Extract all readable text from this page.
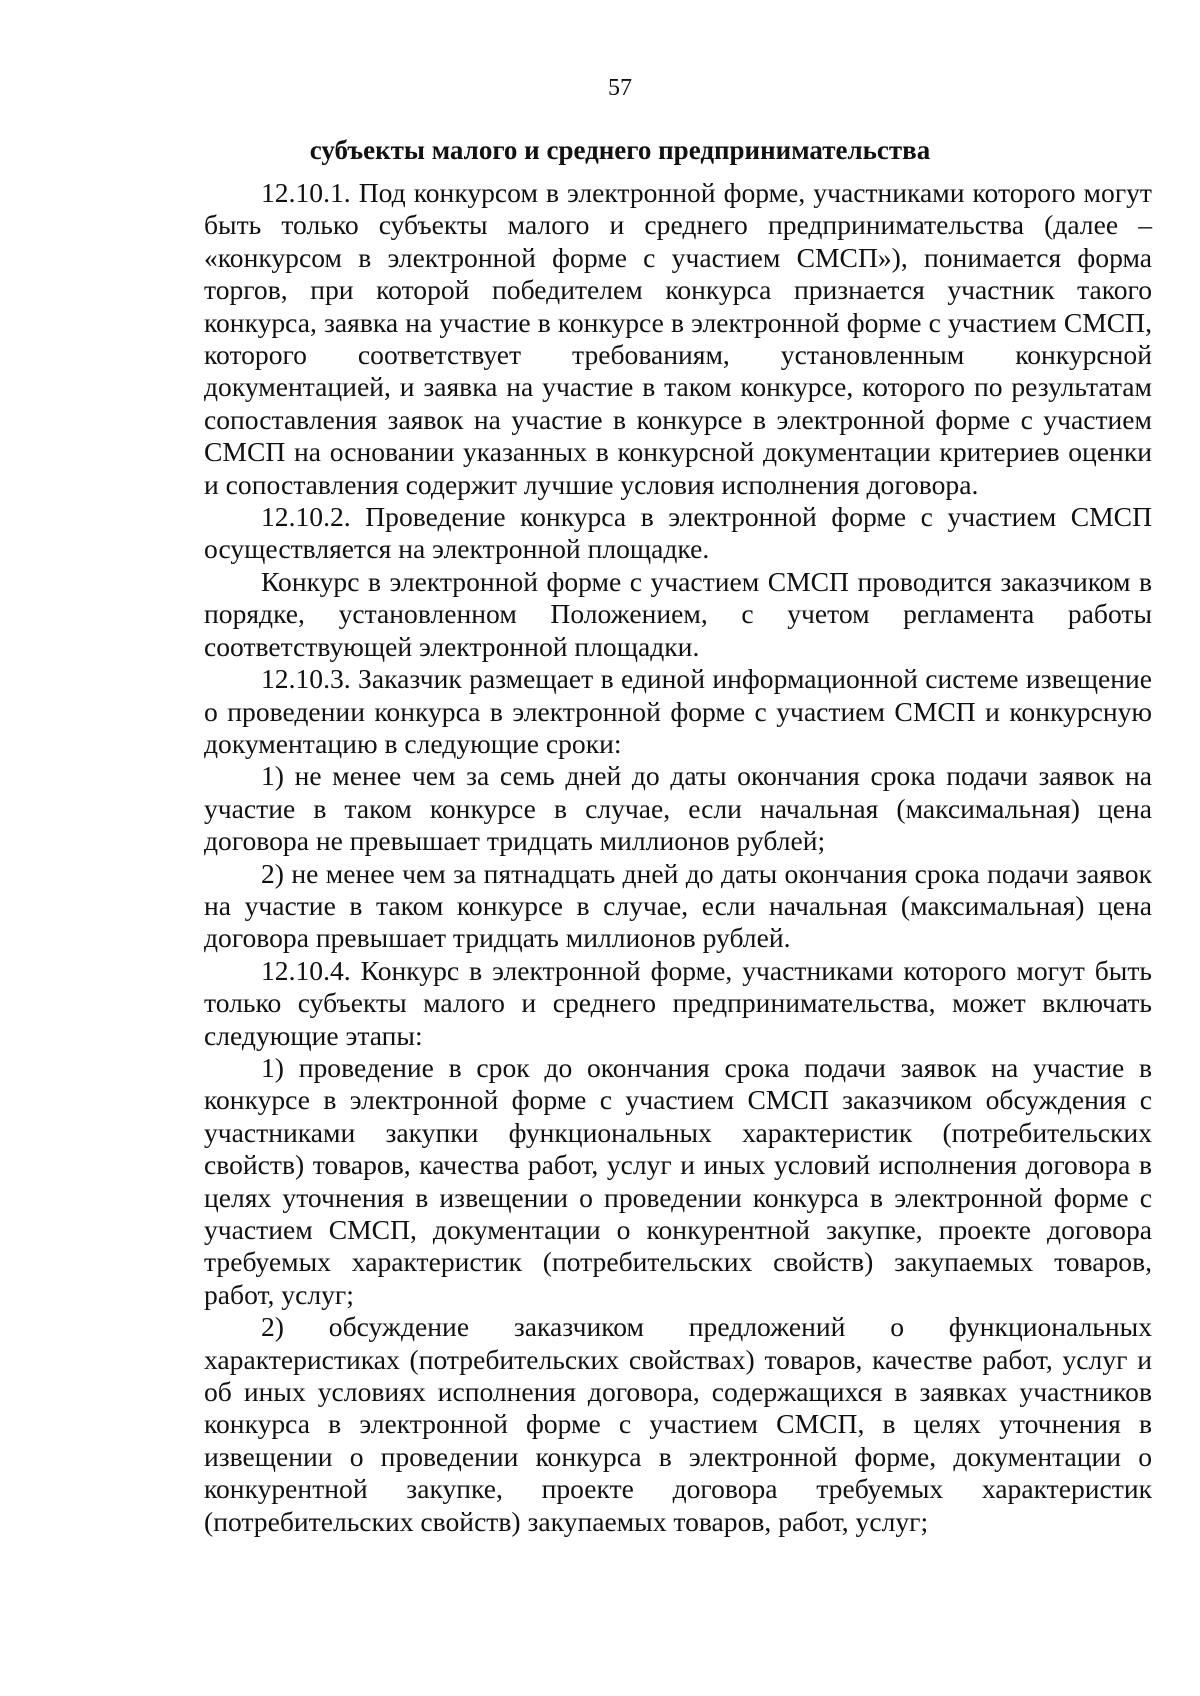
57
субъекты малого и среднего предпринимательства

12.10.1. Под конкурсом в электронной форме, участниками которого могут быть только субъекты малого и среднего предпринимательства (далее – «конкурсом в электронной форме с участием СМСП»), понимается форма торгов, при которой победителем конкурса признается участник такого конкурса, заявка на участие в конкурсе в электронной форме с участием СМСП, которого соответствует требованиям, установленным конкурсной документацией, и заявка на участие в таком конкурсе, которого по результатам сопоставления заявок на участие в конкурсе в электронной форме с участием СМСП на основании указанных в конкурсной документации критериев оценки и сопоставления содержит лучшие условия исполнения договора.

12.10.2. Проведение конкурса в электронной форме с участием СМСП осуществляется на электронной площадке.

Конкурс в электронной форме с участием СМСП проводится заказчиком в порядке, установленном Положением, с учетом регламента работы соответствующей электронной площадки.

12.10.3. Заказчик размещает в единой информационной системе извещение о проведении конкурса в электронной форме с участием СМСП и конкурсную документацию в следующие сроки:

1) не менее чем за семь дней до даты окончания срока подачи заявок на участие в таком конкурсе в случае, если начальная (максимальная) цена договора не превышает тридцать миллионов рублей;

2) не менее чем за пятнадцать дней до даты окончания срока подачи заявок на участие в таком конкурсе в случае, если начальная (максимальная) цена договора превышает тридцать миллионов рублей.

12.10.4. Конкурс в электронной форме, участниками которого могут быть только субъекты малого и среднего предпринимательства, может включать следующие этапы:

1) проведение в срок до окончания срока подачи заявок на участие в конкурсе в электронной форме с участием СМСП заказчиком обсуждения с участниками закупки функциональных характеристик (потребительских свойств) товаров, качества работ, услуг и иных условий исполнения договора в целях уточнения в извещении о проведении конкурса в электронной форме с участием СМСП, документации о конкурентной закупке, проекте договора требуемых характеристик (потребительских свойств) закупаемых товаров, работ, услуг;

2) обсуждение заказчиком предложений о функциональных характеристиках (потребительских свойствах) товаров, качестве работ, услуг и об иных условиях исполнения договора, содержащихся в заявках участников конкурса в электронной форме с участием СМСП, в целях уточнения в извещении о проведении конкурса в электронной форме, документации о конкурентной закупке, проекте договора требуемых характеристик (потребительских свойств) закупаемых товаров, работ, услуг;
